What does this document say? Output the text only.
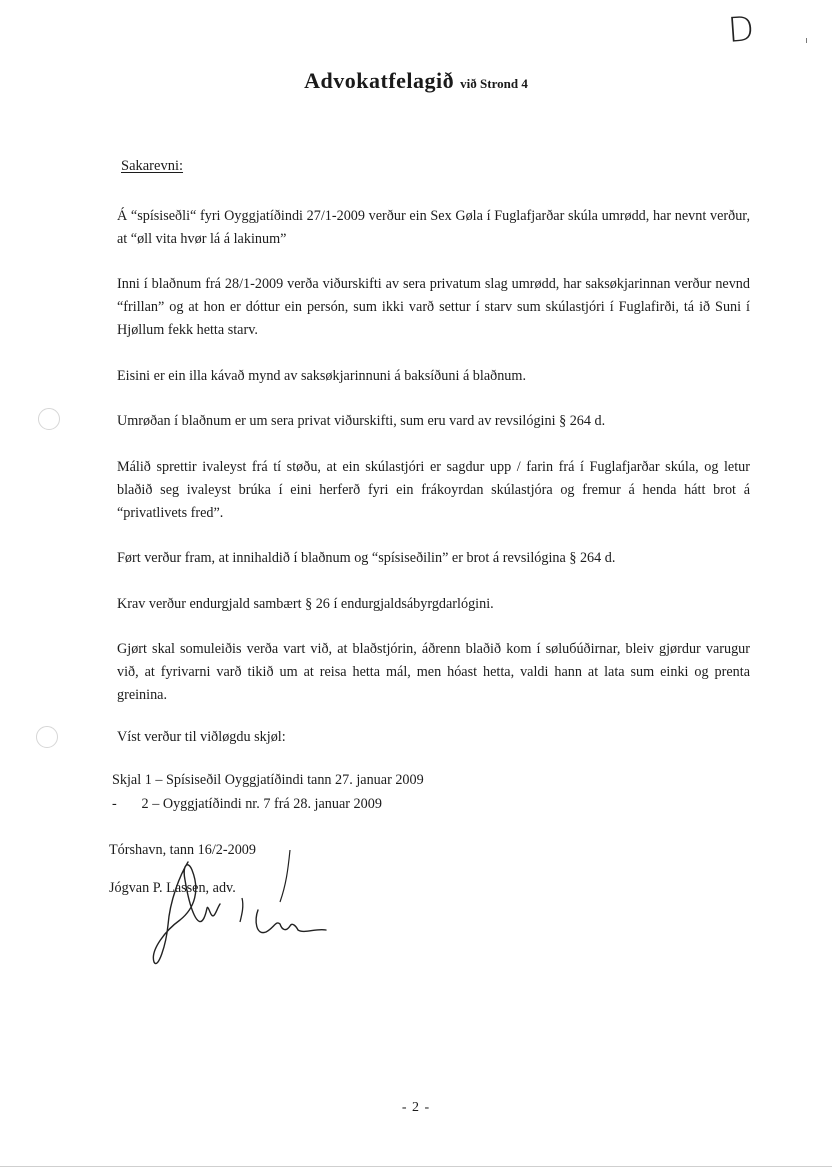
D
Advokatfelagið við Strond 4
Sakarevni:

Á “spísiseðli“ fyri Oyggjatíðindi 27/1-2009 verður ein Sex Gøla í Fuglafjarðar skúla umrødd, har nevnt verður, at “øll vita hvør lá á lakinum”

Inni í blaðnum frá 28/1-2009 verða viðurskifti av sera privatum slag umrødd, har saksøkjarinnan verður nevnd “frillan” og at hon er dóttur ein persón, sum ikki varð settur í starv sum skúlastjóri í Fuglafirði, tá ið Suni í Hjøllum fekk hetta starv.

Eisini er ein illa kávað mynd av saksøkjarinnuni á baksíðuni á blaðnum.

Umrøðan í blaðnum er um sera privat viðurskifti, sum eru vard av revsilógini § 264 d.

Málið sprettir ivaleyst frá tí støðu, at ein skúlastjóri er sagdur upp / farin frá í Fuglafjarðar skúla, og letur blaðið seg ivaleyst brúka í eini herferð fyri ein frákoyrdan skúlastjóra og fremur á henda hátt brot á “privatlivets fred”.

Ført verður fram, at innihaldið í blaðnum og “spísiseðilin” er brot á revsilógina § 264 d.

Krav verður endurgjald sambært § 26 í endurgjaldsábyrgdarlógini.

Gjørt skal somuleiðis verða vart við, at blaðstjórin, áðrenn blaðið kom í søluбúðirnar, bleiv gjørdur varugur við, at fyrivarni varð tikið um at reisa hetta mál, men hóast hetta, valdi hann at lata sum einki og prenta greinina.

Víst verður til viðløgdu skjøl:
Skjal 1 – Spísiseðil Oyggjatíðindi tann 27. januar 2009
-       2 – Oyggjatíðindi nr. 7 frá 28. januar 2009
Tórshavn, tann 16/2-2009
Jógvan P. Lassen, adv.
- 2 -
